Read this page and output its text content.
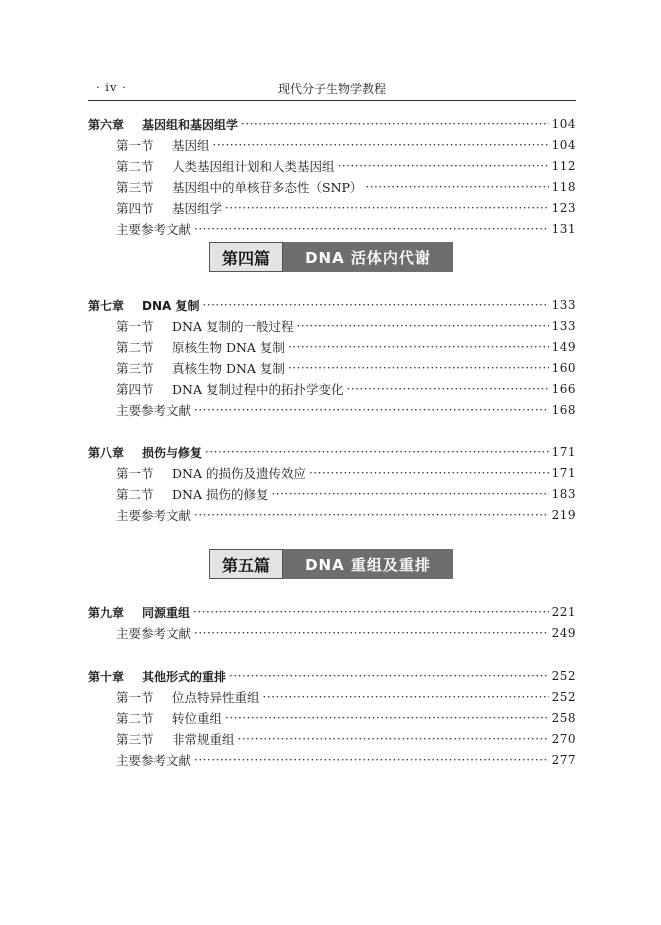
· iv ·	现代分子生物学教程
第六章 基因组和基因组学 ·····	104
第一节 基因组 ·····	104
第二节 人类基因组计划和人类基因组 ·····	112
第三节 基因组中的单核苷多态性（SNP） ·····	118
第四节 基因组学 ·····	123
主要参考文献 ·····	131
第四篇	DNA 活体内代谢
第七章 DNA 复制 ·····	133
第一节 DNA 复制的一般过程 ·····	133
第二节 原核生物 DNA 复制 ·····	149
第三节 真核生物 DNA 复制 ·····	160
第四节 DNA 复制过程中的拓扑学变化 ·····	166
主要参考文献 ·····	168
第八章 损伤与修复 ·····	171
第一节 DNA 的损伤及遗传效应 ·····	171
第二节 DNA 损伤的修复 ·····	183
主要参考文献 ·····	219
第五篇	DNA 重组及重排
第九章 同源重组 ·····	221
主要参考文献 ·····	249
第十章 其他形式的重排 ·····	252
第一节 位点特异性重组 ·····	252
第二节 转位重组 ·····	258
第三节 非常规重组 ·····	270
主要参考文献 ·····	277
